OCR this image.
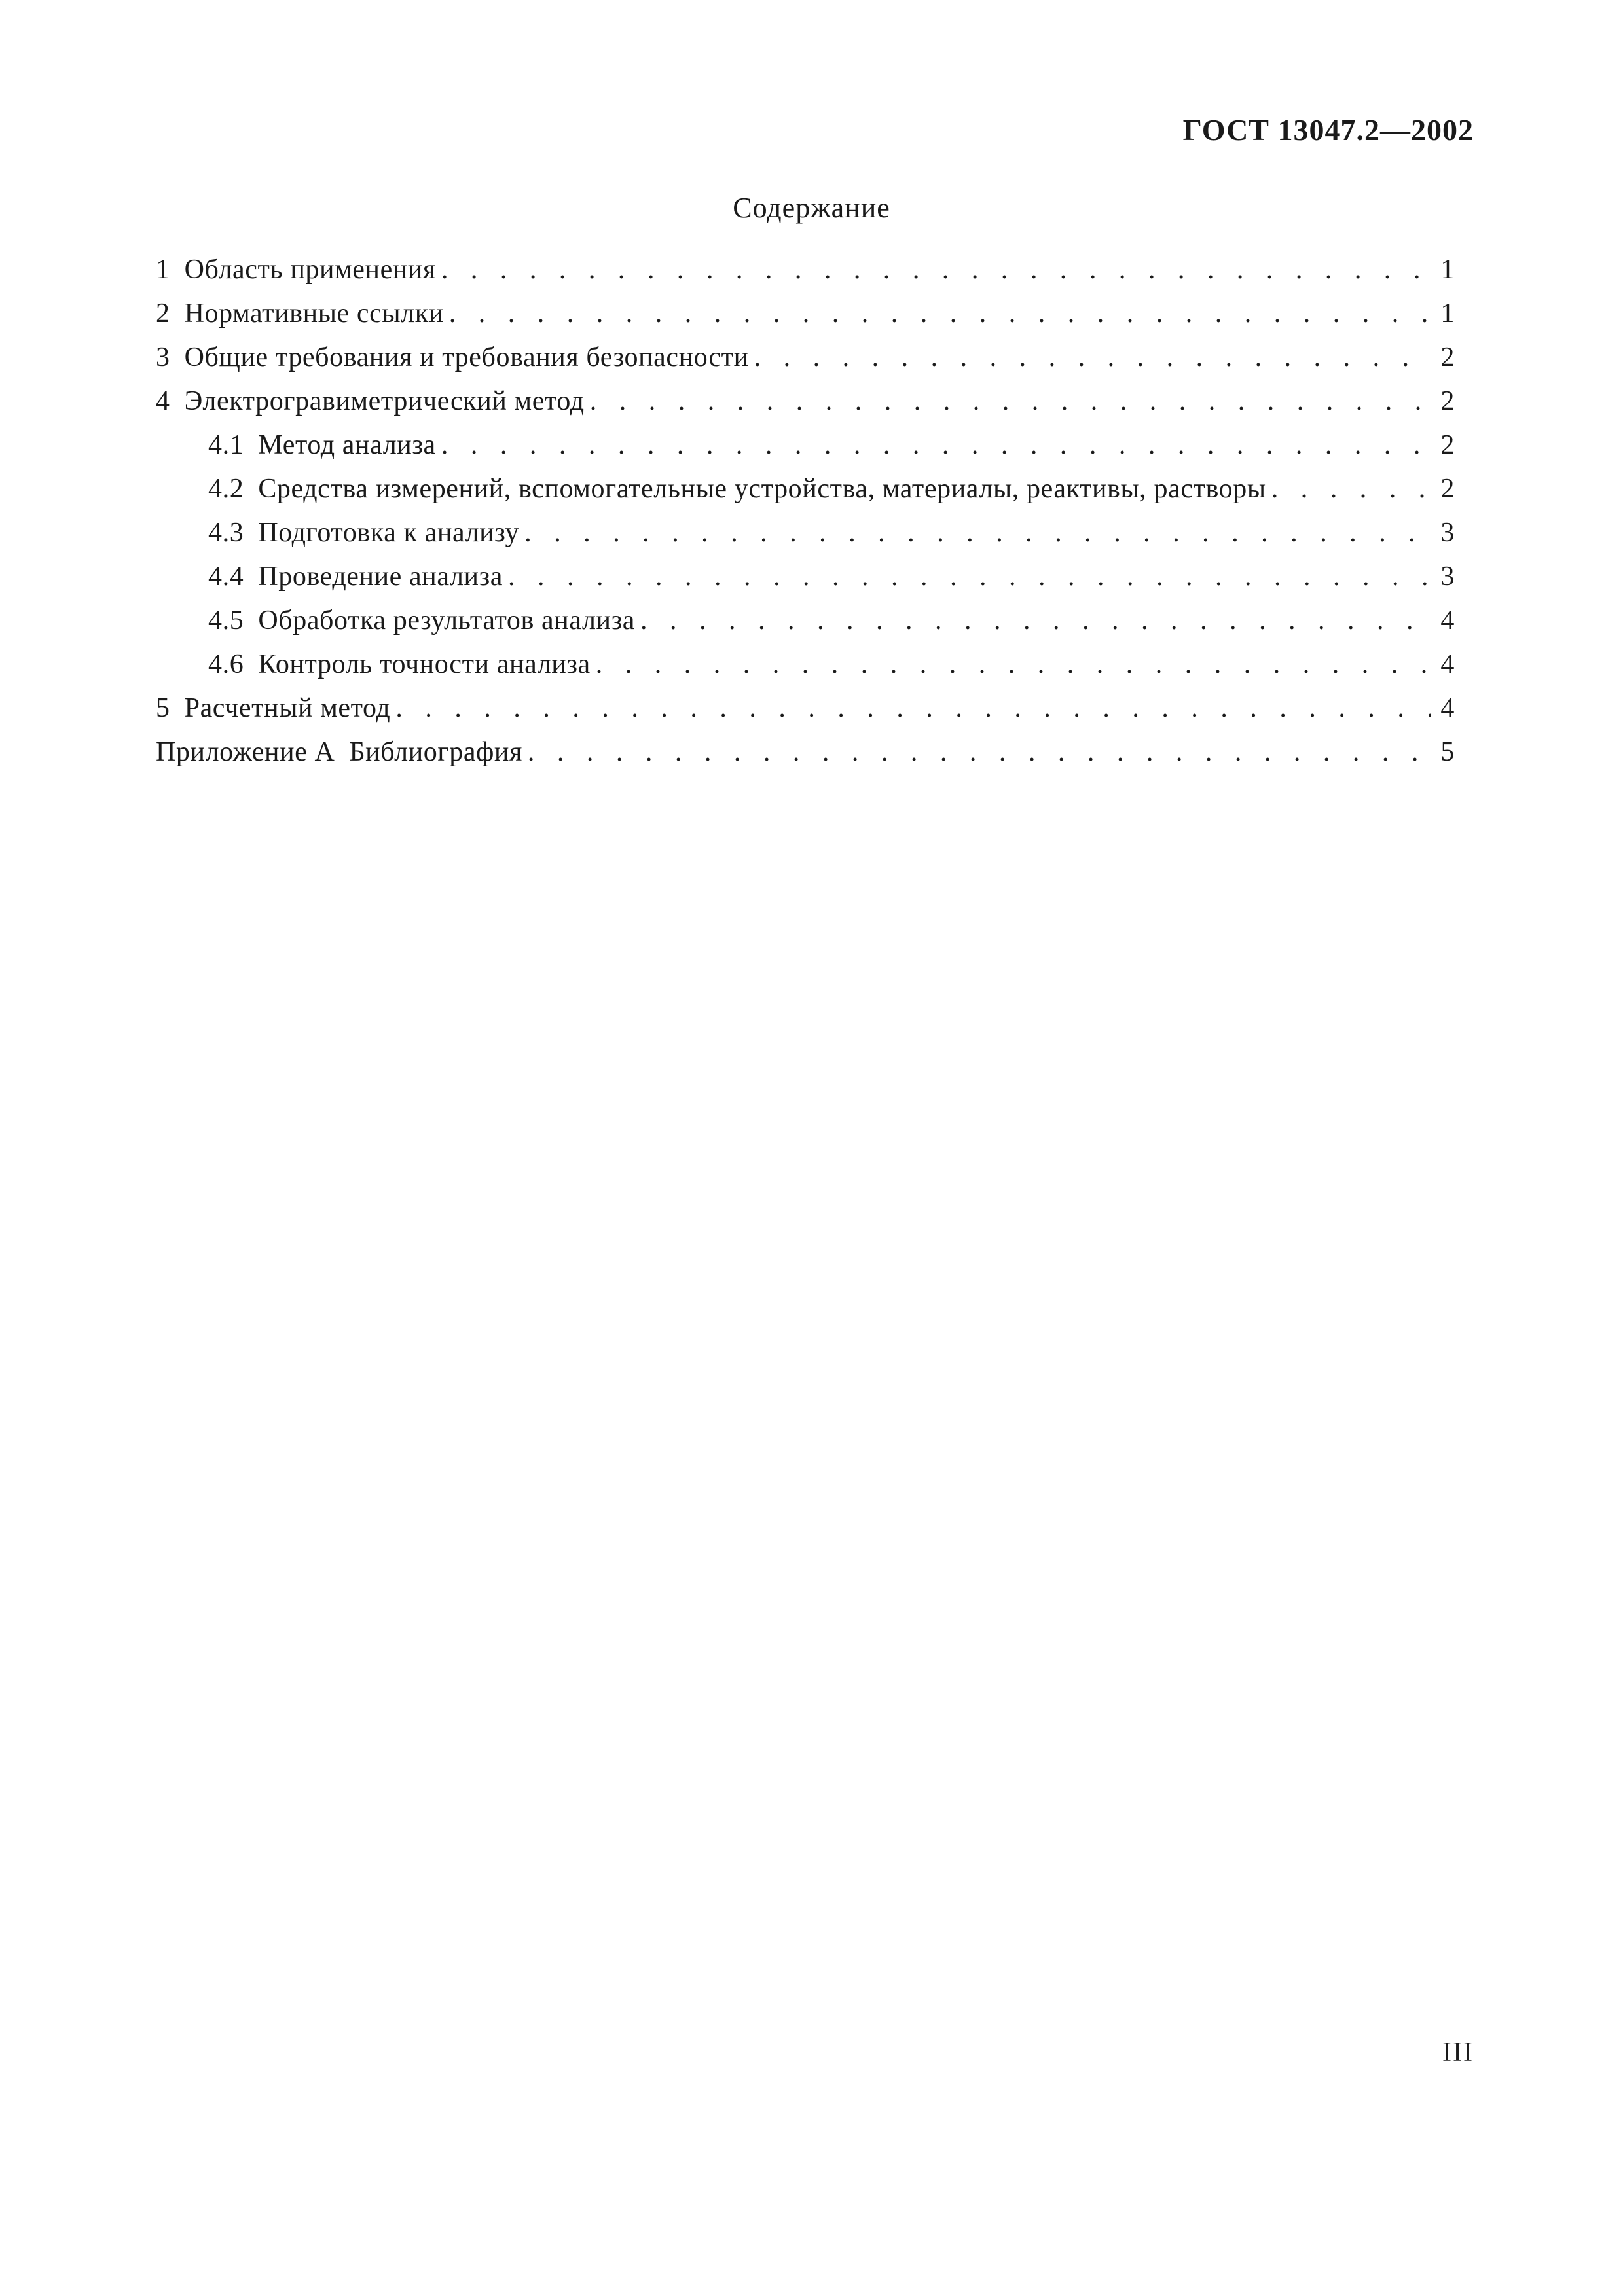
ГОСТ 13047.2—2002
Содержание
1 Область применения . . .	1
2 Нормативные ссылки . . .	1
3 Общие требования и требования безопасности . . .	2
4 Электрогравиметрический метод . . .	2
4.1 Метод анализа . . .	2
4.2 Средства измерений, вспомогательные устройства, материалы, реактивы, растворы . . .	2
4.3 Подготовка к анализу . . .	3
4.4 Проведение анализа . . .	3
4.5 Обработка результатов анализа . . .	4
4.6 Контроль точности анализа . . .	4
5 Расчетный метод . . .	4
Приложение А Библиография . . .	5
III
